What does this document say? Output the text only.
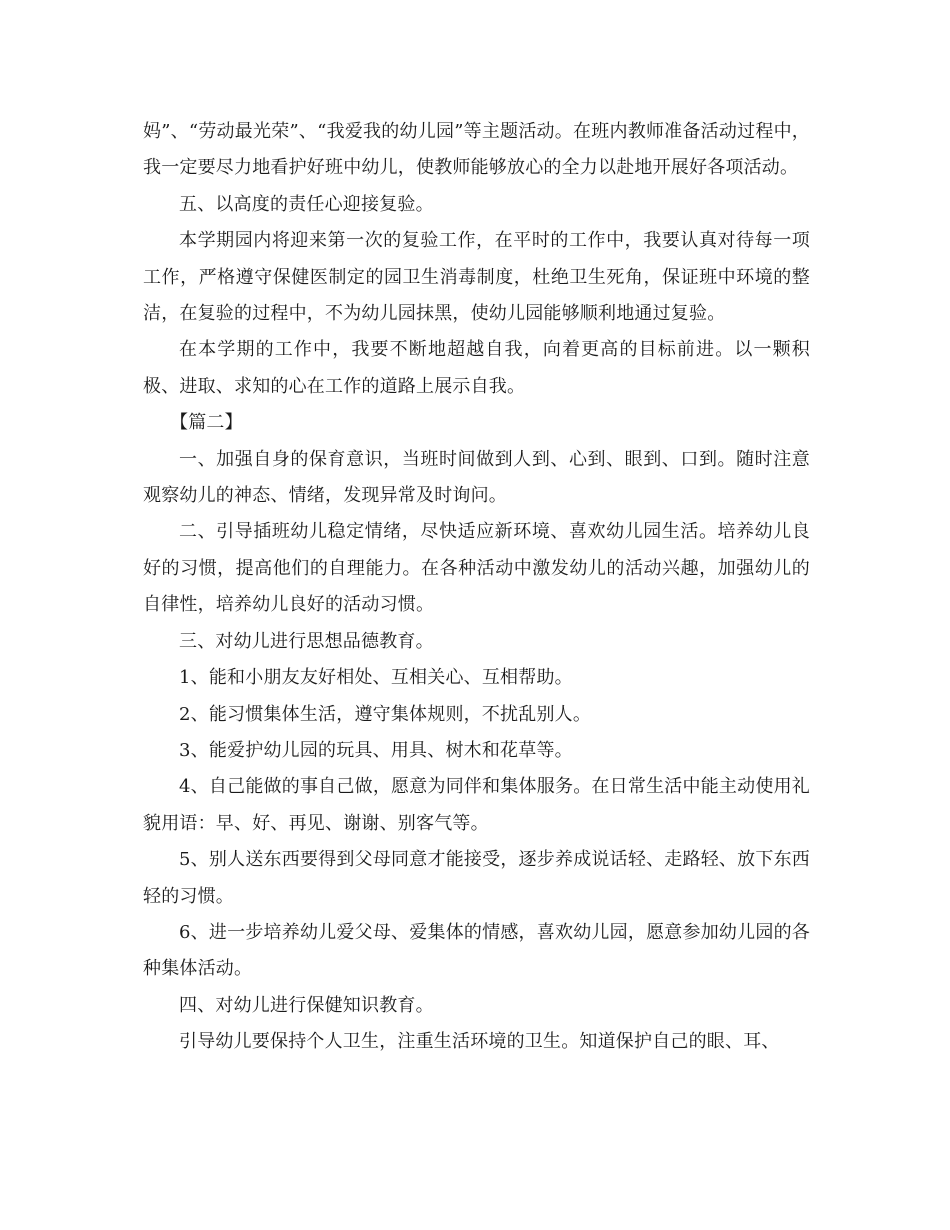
妈”、“劳动最光荣”、“我爱我的幼儿园”等主题活动。在班内教师准备活动过程中，我一定要尽力地看护好班中幼儿，使教师能够放心的全力以赴地开展好各项活动。

五、以高度的责任心迎接复验。

本学期园内将迎来第一次的复验工作，在平时的工作中，我要认真对待每一项工作，严格遵守保健医制定的园卫生消毒制度，杜绝卫生死角，保证班中环境的整洁，在复验的过程中，不为幼儿园抹黑，使幼儿园能够顺利地通过复验。

在本学期的工作中，我要不断地超越自我，向着更高的目标前进。以一颗积极、进取、求知的心在工作的道路上展示自我。

【篇二】

一、加强自身的保育意识，当班时间做到人到、心到、眼到、口到。随时注意观察幼儿的神态、情绪，发现异常及时询问。

二、引导插班幼儿稳定情绪，尽快适应新环境、喜欢幼儿园生活。培养幼儿良好的习惯，提高他们的自理能力。在各种活动中激发幼儿的活动兴趣，加强幼儿的自律性，培养幼儿良好的活动习惯。

三、对幼儿进行思想品德教育。

1、能和小朋友友好相处、互相关心、互相帮助。

2、能习惯集体生活，遵守集体规则，不扰乱别人。

3、能爱护幼儿园的玩具、用具、树木和花草等。

4、自己能做的事自己做，愿意为同伴和集体服务。在日常生活中能主动使用礼貌用语：早、好、再见、谢谢、别客气等。

5、别人送东西要得到父母同意才能接受，逐步养成说话轻、走路轻、放下东西轻的习惯。

6、进一步培养幼儿爱父母、爱集体的情感，喜欢幼儿园，愿意参加幼儿园的各种集体活动。

四、对幼儿进行保健知识教育。

引导幼儿要保持个人卫生，注重生活环境的卫生。知道保护自己的眼、耳、
